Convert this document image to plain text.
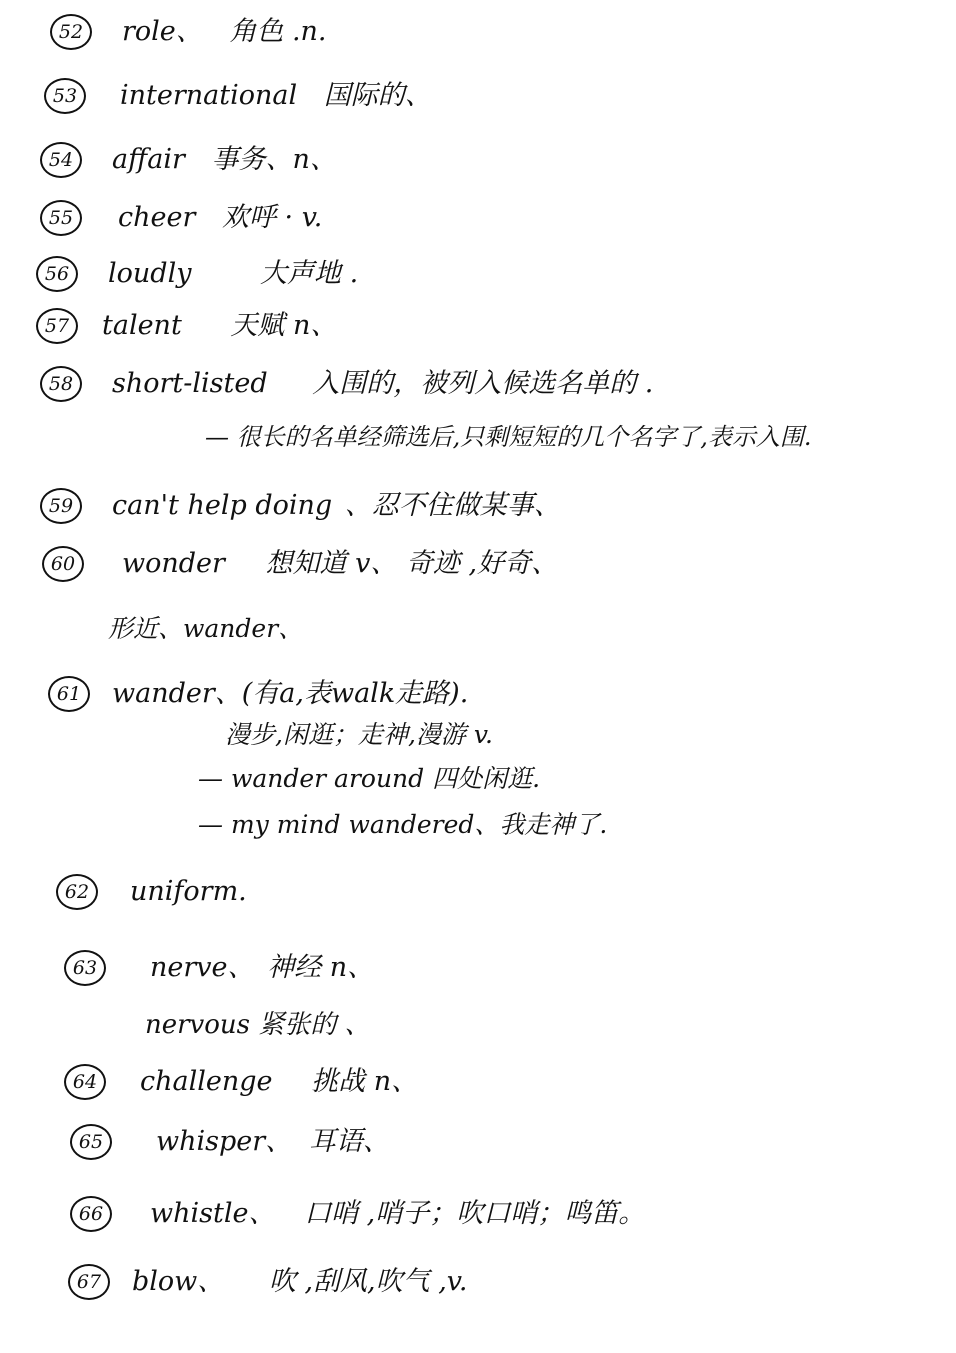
52	role、 角色 .n.
53	international 国际的、
54	affair 事务、n、
55	cheer 欢呼 · v.
56	loudly	大声地 .
57	talent 天赋 n、
58	short-listed 入围的，被列入候选名单的 .
— 很长的名单经筛选后,只剩短短的几个名字了,表示入围.
59	can't help doing 、忍不住做某事、
60	wonder 想知道 v、 奇迹 ,好奇、
形近、wander、
61	wander、(有a,表walk走路).
漫步,闲逛；走神,漫游 v.
— wander around 四处闲逛.
— my mind wandered、我走神了.
62	uniform.
63	nerve、 神经 n、
nervous 紧张的 、
64	challenge 挑战 n、
65	whisper、 耳语、
66	whistle、 口哨 ,哨子；吹口哨；鸣笛。
67	blow、 吹 ,刮风,吹气 ,v.
